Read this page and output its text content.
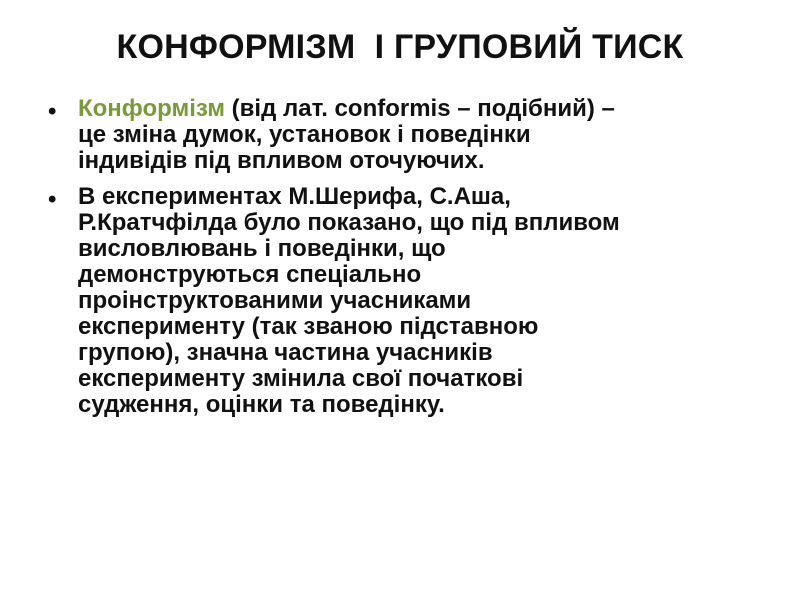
КОНФОРМІЗМ  І ГРУПОВИЙ ТИСК
• Конформізм (від лат. conformis – подібний) –
це зміна думок, установок і поведінки
індивідів під впливом оточуючих.
• В експериментах М.Шерифа, С.Аша,
Р.Кратчфілда було показано, що під впливом
висловлювань і поведінки, що
демонструються спеціально
проінструктованими учасниками
експерименту (так званою підставною
групою), значна частина учасників
експерименту змінила свої початкові
судження, оцінки та поведінку.
